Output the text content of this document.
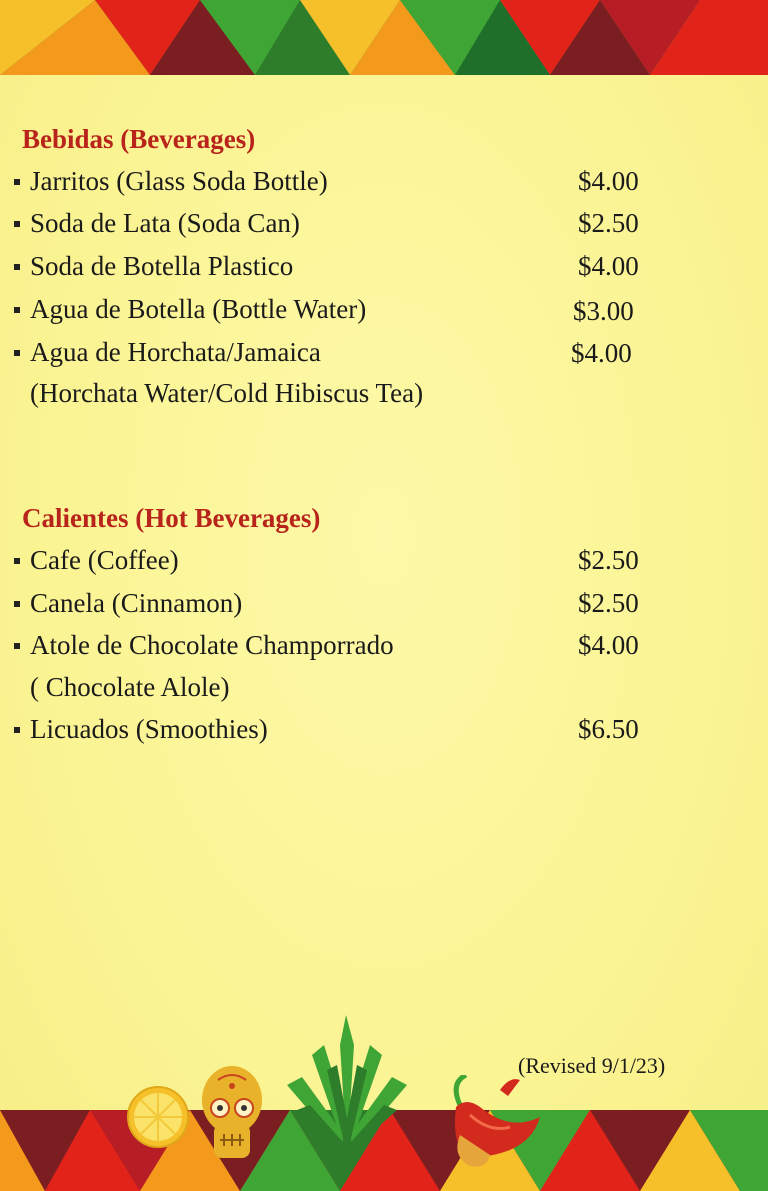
Bebidas (Beverages)
Jarritos (Glass Soda Bottle)	$4.00
Soda de Lata (Soda Can)	$2.50
Soda de Botella Plastico	$4.00
Agua de Botella (Bottle Water)	$3.00
Agua de Horchata/Jamaica	$4.00
(Horchata Water/Cold Hibiscus Tea)
Calientes (Hot Beverages)
Cafe (Coffee)	$2.50
Canela (Cinnamon)	$2.50
Atole de Chocolate Champorrado	$4.00
( Chocolate Alole)
Licuados (Smoothies)	$6.50
(Revised 9/1/23)
